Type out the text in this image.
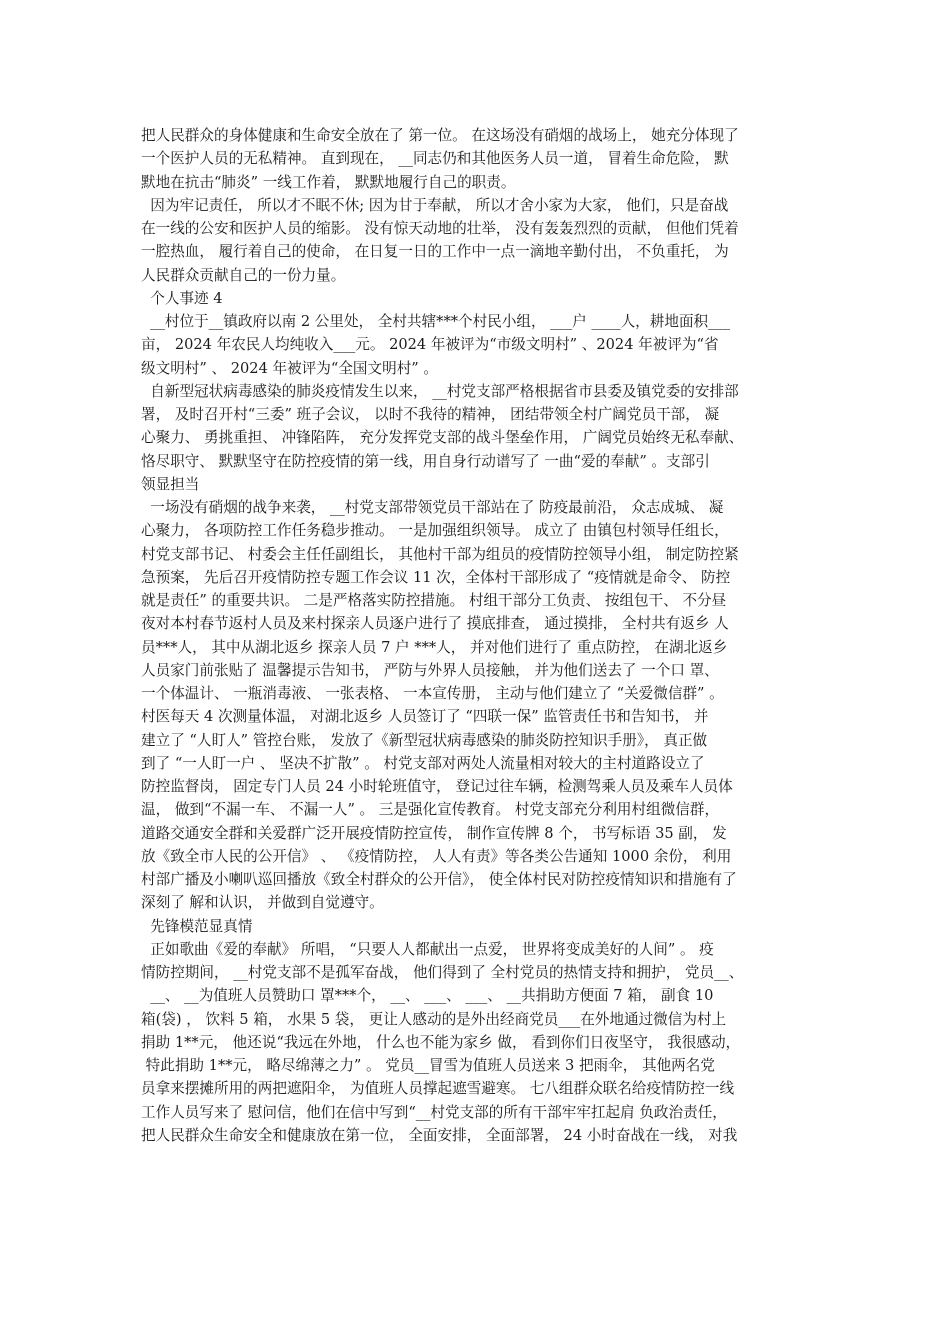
把人民群众的身体健康和生命安全放在了 第一位。 在这场没有硝烟的战场上， 她充分体现了
一个医护人员的无私精神。 直到现在， __同志仍和其他医务人员一道， 冒着生命危险， 默
默地在抗击“肺炎” 一线工作着， 默默地履行自己的职责。
因为牢记责任， 所以才不眠不休; 因为甘于奉献， 所以才舍小家为大家， 他们，只是奋战
在一线的公安和医护人员的缩影。 没有惊天动地的壮举， 没有轰轰烈烈的贡献， 但他们凭着
一腔热血， 履行着自己的使命， 在日复一日的工作中一点一滴地辛勤付出， 不负重托， 为
人民群众贡献自己的一份力量。
个人事迹 4
__村位于__镇政府以南 2 公里处， 全村共辖***个村民小组， ___户 ____人，耕地面积___
亩， 2024 年农民人均纯收入___元。 2024 年被评为“市级文明村” 、2024 年被评为“省
级文明村” 、 2024 年被评为“全国文明村” 。
自新型冠状病毒感染的肺炎疫情发生以来， __村党支部严格根据省市县委及镇党委的安排部
署， 及时召开村“三委” 班子会议， 以时不我待的精神， 团结带领全村广阔党员干部， 凝
心聚力、 勇挑重担、 冲锋陷阵， 充分发挥党支部的战斗堡垒作用， 广阔党员始终无私奉献、
恪尽职守、 默默坚守在防控疫情的第一线，用自身行动谱写了 一曲“爱的奉献” 。支部引
领显担当
一场没有硝烟的战争来袭， __村党支部带领党员干部站在了 防疫最前沿， 众志成城、 凝
心聚力， 各项防控工作任务稳步推动。 一是加强组织领导。 成立了 由镇包村领导任组长，
村党支部书记、 村委会主任任副组长， 其他村干部为组员的疫情防控领导小组， 制定防控紧
急预案， 先后召开疫情防控专题工作会议 11 次，全体村干部形成了 “疫情就是命令、 防控
就是责任” 的重要共识。 二是严格落实防控措施。 村组干部分工负责、 按组包干、 不分昼
夜对本村春节返村人员及来村探亲人员逐户进行了 摸底排查， 通过摸排， 全村共有返乡 人
员***人， 其中从湖北返乡 探亲人员 7 户 ***人， 并对他们进行了 重点防控， 在湖北返乡
人员家门前张贴了 温馨提示告知书， 严防与外界人员接触， 并为他们送去了 一个口 罩、
一个体温计、 一瓶消毒液、 一张表格、 一本宣传册， 主动与他们建立了 “关爱微信群” 。
村医每天 4 次测量体温， 对湖北返乡 人员签订了 “四联一保” 监管责任书和告知书， 并
建立了 “人盯人” 管控台账， 发放了《新型冠状病毒感染的肺炎防控知识手册》， 真正做
到了 “一人盯一户 、 坚决不扩散” 。 村党支部对两处人流量相对较大的主村道路设立了
防控监督岗， 固定专门人员 24 小时轮班值守， 登记过往车辆，检测驾乘人员及乘车人员体
温， 做到“不漏一车、 不漏一人” 。 三是强化宣传教育。 村党支部充分利用村组微信群，
道路交通安全群和关爱群广泛开展疫情防控宣传， 制作宣传牌 8 个， 书写标语 35 副， 发
放《致全市人民的公开信》 、 《疫情防控， 人人有责》等各类公告通知 1000 余份， 利用
村部广播及小喇叭巡回播放《致全村群众的公开信》， 使全体村民对防控疫情知识和措施有了
深刻了 解和认识， 并做到自觉遵守。
先锋模范显真情
正如歌曲《爱的奉献》 所唱， “只要人人都献出一点爱， 世界将变成美好的人间” 。 疫
情防控期间， __村党支部不是孤军奋战， 他们得到了 全村党员的热情支持和拥护， 党员__、
__、 __为值班人员赞助口 罩***个， __、 ___、 ___、 __共捐助方便面 7 箱， 副食 10
箱(袋) ， 饮料 5 箱， 水果 5 袋， 更让人感动的是外出经商党员___在外地通过微信为村上
捐助 1**元， 他还说“我远在外地， 什么也不能为家乡 做， 看到你们日夜坚守， 我很感动，
特此捐助 1**元， 略尽绵薄之力” 。 党员__冒雪为值班人员送来 3 把雨伞， 其他两名党
员拿来摆摊所用的两把遮阳伞， 为值班人员撑起遮雪避寒。 七八组群众联名给疫情防控一线
工作人员写来了 慰问信，他们在信中写到“__村党支部的所有干部牢牢扛起肩 负政治责任，
把人民群众生命安全和健康放在第一位， 全面安排， 全面部署， 24 小时奋战在一线， 对我
